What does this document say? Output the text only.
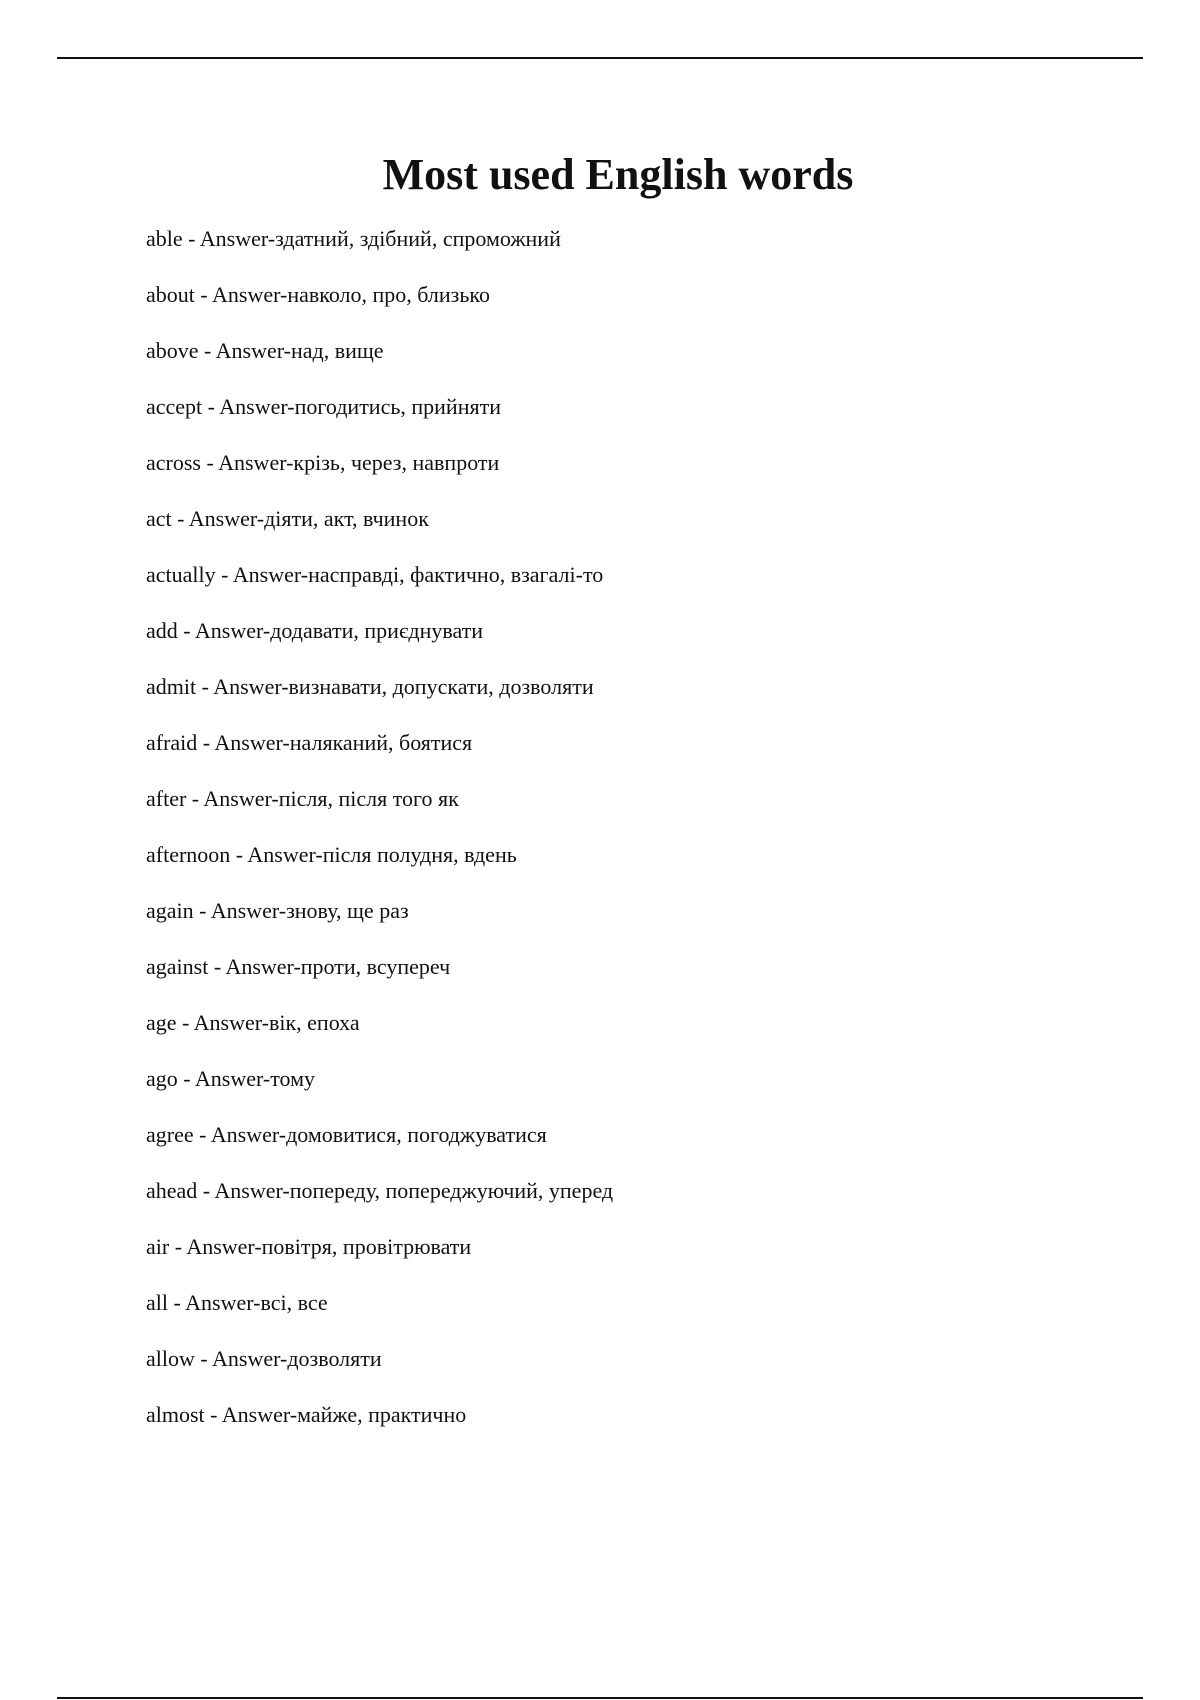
Most used English words
able - Answer-здатний, здібний, спроможний
about - Answer-навколо, про, близько
above - Answer-над, вище
accept - Answer-погодитись, прийняти
across - Answer-крізь, через, навпроти
act - Answer-діяти, акт, вчинок
actually - Answer-насправді, фактично, взагалі-то
add - Answer-додавати, приєднувати
admit - Answer-визнавати, допускати, дозволяти
afraid - Answer-наляканий, боятися
after - Answer-після, після того як
afternoon - Answer-після полудня, вдень
again - Answer-знову, ще раз
against - Answer-проти, всупереч
age - Answer-вік, епоха
ago - Answer-тому
agree - Answer-домовитися, погоджуватися
ahead - Answer-попереду, попереджуючий, уперед
air - Answer-повітря, провітрювати
all - Answer-всі, все
allow - Answer-дозволяти
almost - Answer-майже, практично
